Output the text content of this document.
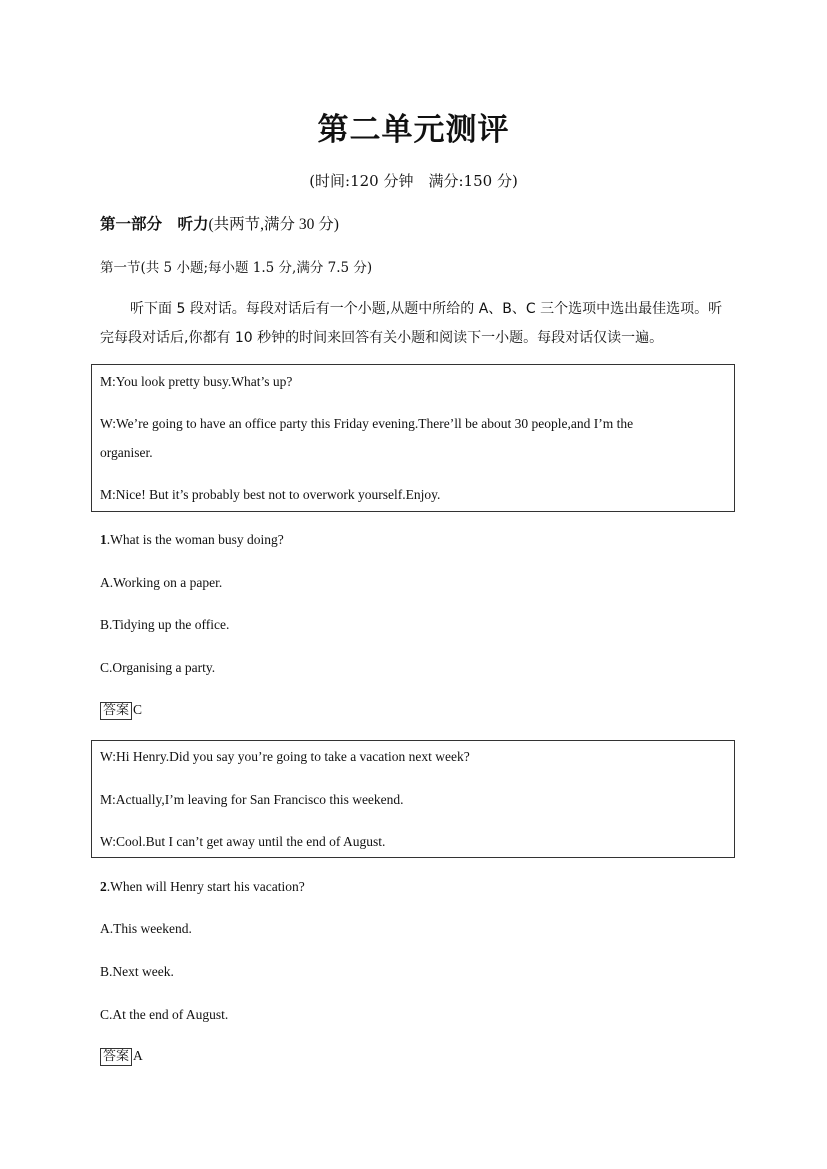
第二单元测评
(时间:120 分钟　满分:150 分)
第一部分　听力(共两节,满分 30 分)
第一节(共 5 小题;每小题 1.5 分,满分 7.5 分)
听下面 5 段对话。每段对话后有一个小题,从题中所给的 A、B、C 三个选项中选出最佳选项。听完每段对话后,你都有 10 秒钟的时间来回答有关小题和阅读下一小题。每段对话仅读一遍。
M:You look pretty busy.What’s up?
W:We’re going to have an office party this Friday evening.There’ll be about 30 people,and I’m the
organiser.
M:Nice! But it’s probably best not to overwork yourself.Enjoy.
1.What is the woman busy doing?
A.Working on a paper.
B.Tidying up the office.
C.Organising a party.
答案 C
W:Hi Henry.Did you say you’re going to take a vacation next week?
M:Actually,I’m leaving for San Francisco this weekend.
W:Cool.But I can’t get away until the end of August.
2.When will Henry start his vacation?
A.This weekend.
B.Next week.
C.At the end of August.
答案 A
